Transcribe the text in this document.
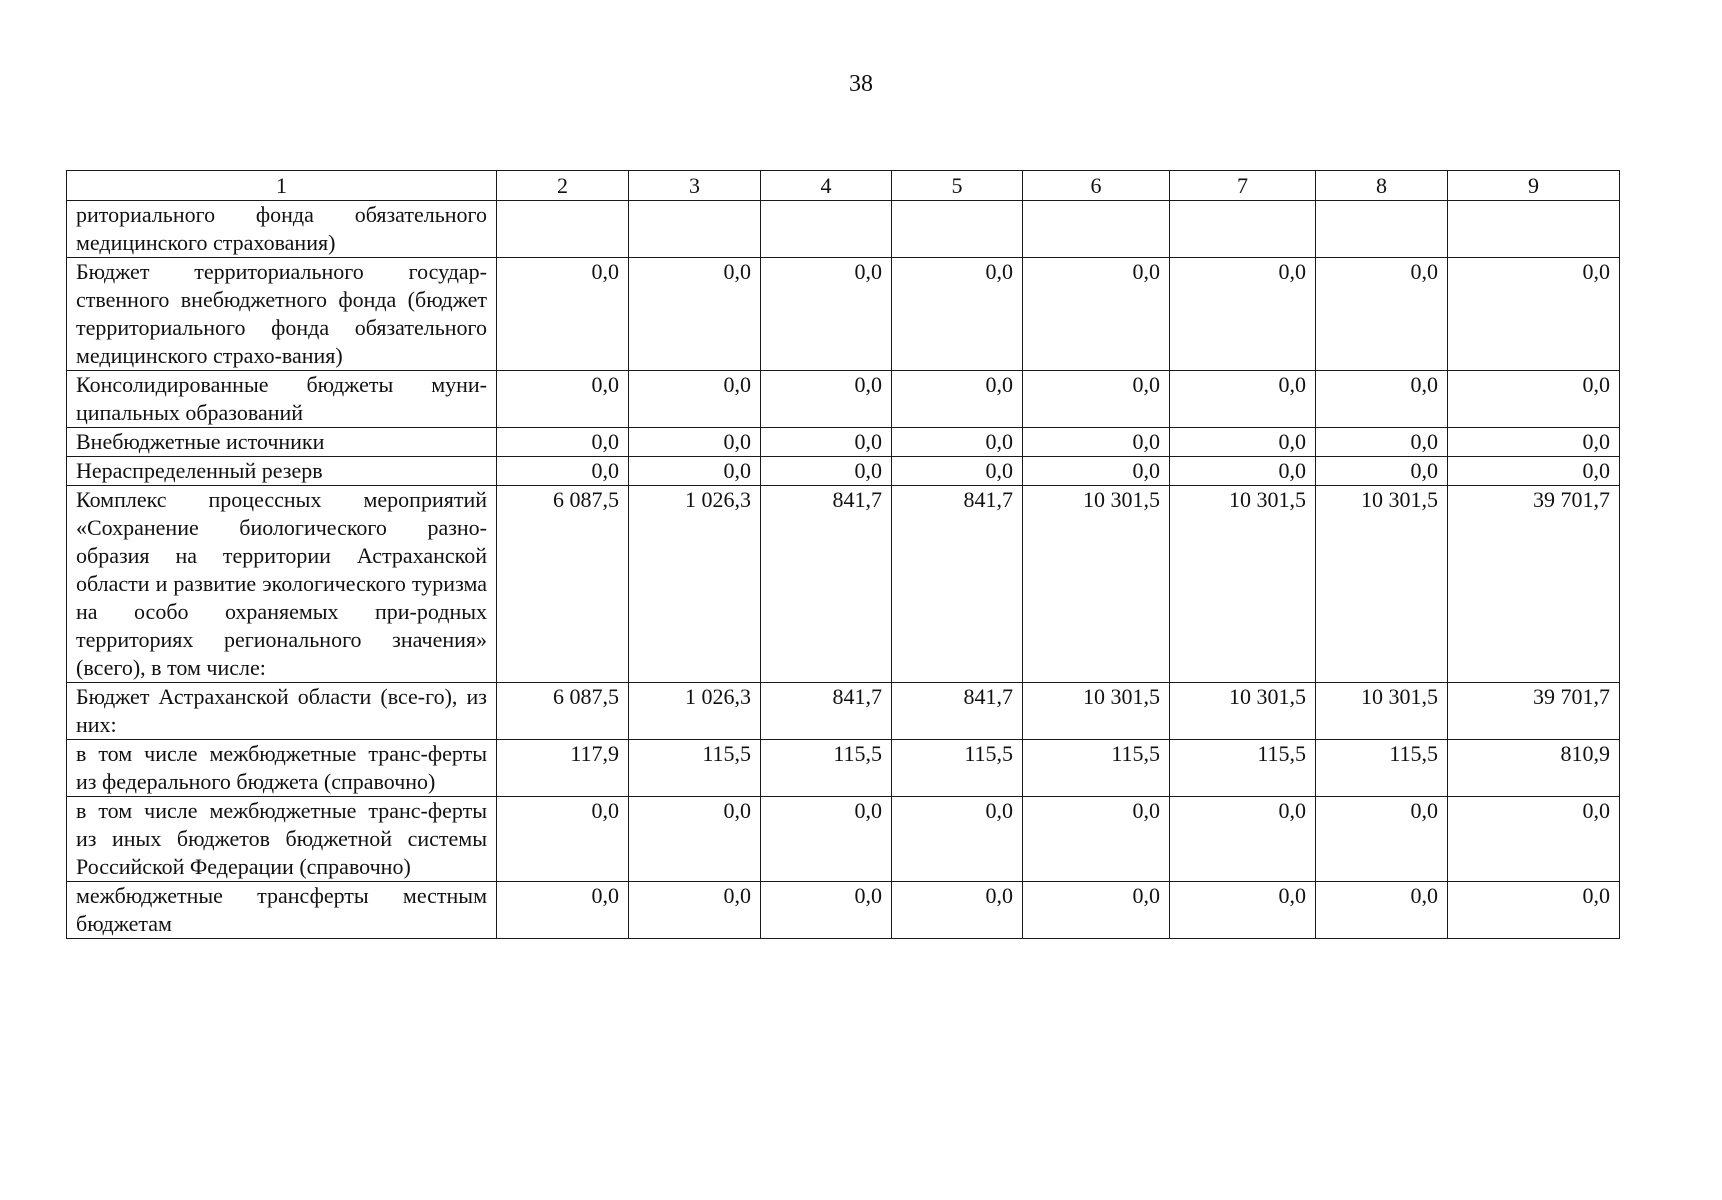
38
1	2	3	4	5	6	7	8	9
риториального фонда обязательного медицинского страхования)								
Бюджет территориального государ-ственного внебюджетного фонда (бюджет территориального фонда обязательного медицинского страхо-вания)	0,0	0,0	0,0	0,0	0,0	0,0	0,0	0,0
Консолидированные бюджеты муни-ципальных образований	0,0	0,0	0,0	0,0	0,0	0,0	0,0	0,0
Внебюджетные источники	0,0	0,0	0,0	0,0	0,0	0,0	0,0	0,0
Нераспределенный резерв	0,0	0,0	0,0	0,0	0,0	0,0	0,0	0,0
Комплекс процессных мероприятий «Сохранение биологического разно-образия на территории Астраханской области и развитие экологического туризма на особо охраняемых при-родных территориях регионального значения» (всего), в том числе:	6 087,5	1 026,3	841,7	841,7	10 301,5	10 301,5	10 301,5	39 701,7
Бюджет Астраханской области (все-го), из них:	6 087,5	1 026,3	841,7	841,7	10 301,5	10 301,5	10 301,5	39 701,7
в том числе межбюджетные транс-ферты из федерального бюджета (справочно)	117,9	115,5	115,5	115,5	115,5	115,5	115,5	810,9
в том числе межбюджетные транс-ферты из иных бюджетов бюджетной системы Российской Федерации (справочно)	0,0	0,0	0,0	0,0	0,0	0,0	0,0	0,0
межбюджетные трансферты местным бюджетам	0,0	0,0	0,0	0,0	0,0	0,0	0,0	0,0
